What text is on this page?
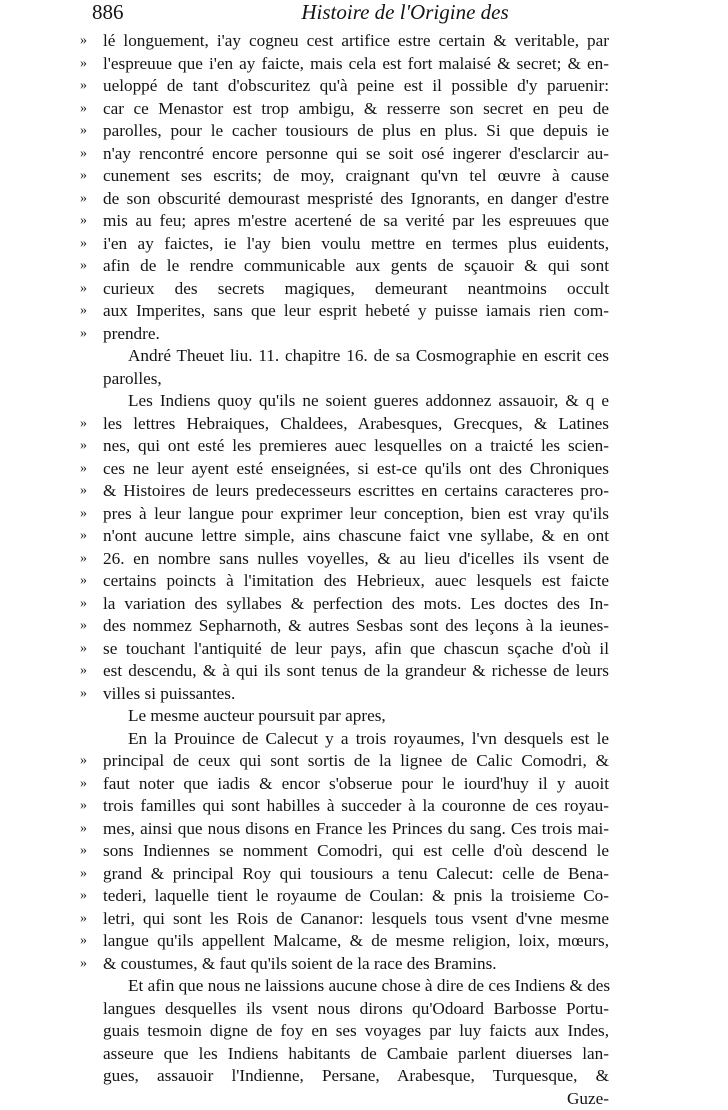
886	Histoire de l'Origine des
» lé longuement, i'ay cogneu cest artifice estre certain & veritable, par
» l'espreuue que i'en ay faicte, mais cela est fort malaisé & secret; & en-
» ueloppé de tant d'obscuritez qu'à peine est il possible d'y paruenir:
» car ce Menastor est trop ambigu, & resserre son secret en peu de
» parolles, pour le cacher tousiours de plus en plus. Si que depuis ie
» n'ay rencontré encore personne qui se soit osé ingerer d'esclarcir au-
» cunement ses escrits; de moy, craignant qu'vn tel œuvre à cause
» de son obscurité demourast mespristé des Ignorants, en danger d'estre
» mis au feu; apres m'estre acertené de sa verité par les espreuues que
» i'en ay faictes, ie l'ay bien voulu mettre en termes plus euidents,
» afin de le rendre communicable aux gents de sçauoir & qui sont
» curieux des secrets magiques, demeurant neantmoins occult
» aux Imperites, sans que leur esprit hebeté y puisse iamais rien com-
» prendre.
André Theuet liu. 11. chapitre 16. de sa Cosmographie en escrit ces
parolles,
Les Indiens quoy qu'ils ne soient gueres addonnez assauoir, & q e
» les lettres Hebraiques, Chaldees, Arabesques, Grecques, & Latines
» nes, qui ont esté les premieres auec lesquelles on a traicté les scien-
» ces ne leur ayent esté enseignées, si est-ce qu'ils ont des Chroniques
» & Histoires de leurs predecesseurs escrittes en certains caracteres pro-
» pres à leur langue pour exprimer leur conception, bien est vray qu'ils
» n'ont aucune lettre simple, ains chascune faict vne syllabe, & en ont
» 26. en nombre sans nulles voyelles, & au lieu d'icelles ils vsent de
» certains poincts à l'imitation des Hebrieux, auec lesquels est faicte
» la variation des syllabes & perfection des mots. Les doctes des In-
» des nommez Sepharnoth, & autres Sesbas sont des leçons à la ieunes-
» se touchant l'antiquité de leur pays, afin que chascun sçache d'où il
» est descendu, & à qui ils sont tenus de la grandeur & richesse de leurs
» villes si puissantes.
Le mesme aucteur poursuit par apres,
En la Prouince de Calecut y a trois royaumes, l'vn desquels est le
» principal de ceux qui sont sortis de la lignee de Calic Comodri, &
» faut noter que iadis & encor s'obserue pour le iourd'huy il y auoit
» trois familles qui sont habilles à succeder à la couronne de ces royau-
» mes, ainsi que nous disons en France les Princes du sang. Ces trois mai-
» sons Indiennes se nomment Comodri, qui est celle d'où descend le
» grand & principal Roy qui tousiours a tenu Calecut: celle de Bena-
» tederi, laquelle tient le royaume de Coulan: & pnis la troisieme Co-
» letri, qui sont les Rois de Cananor: lesquels tous vsent d'vne mesme
» langue qu'ils appellent Malcame, & de mesme religion, loix, mœurs,
» & coustumes, & faut qu'ils soient de la race des Bramins.
Et afin que nous ne laissions aucune chose à dire de ces Indiens & des
langues desquelles ils vsent nous dirons qu'Odoard Barbosse Portu-
guais tesmoin digne de foy en ses voyages par luy faicts aux Indes,
asseure que les Indiens habitants de Cambaie parlent diuerses lan-
gues, assauoir l'Indienne, Persane, Arabesque, Turquesque, &
Guze-
